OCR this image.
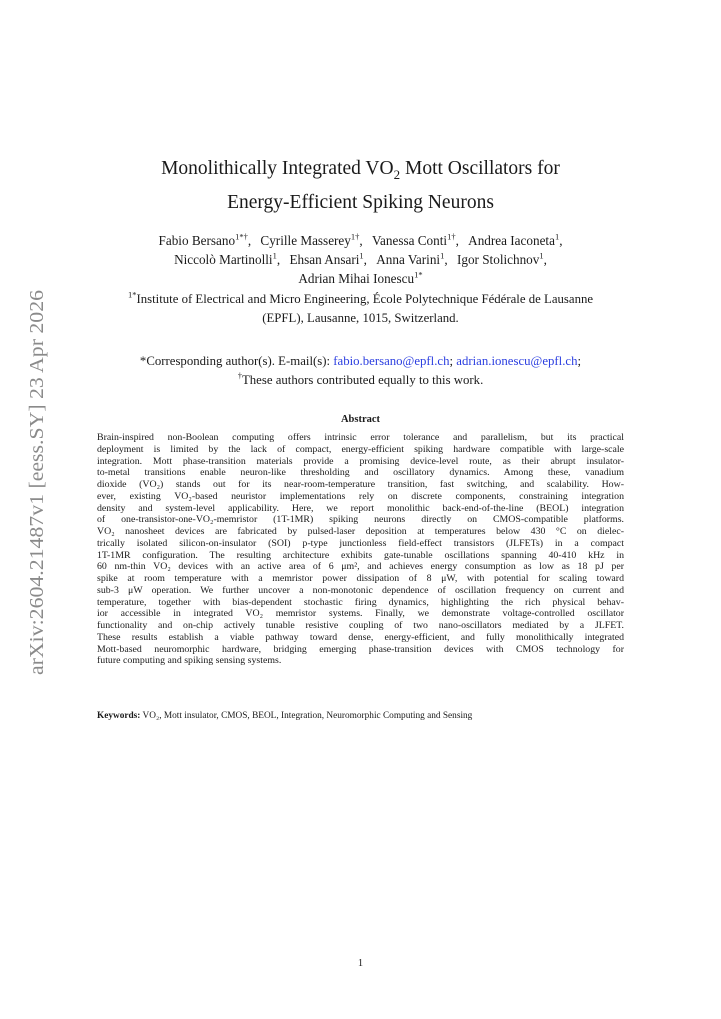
arXiv:2604.21487v1 [eess.SY] 23 Apr 2026
Monolithically Integrated $VO_2$ Mott Oscillators for
Energy-Efficient Spiking Neurons
Fabio Bersano$^{1*\dagger}$, Cyrille Masserey$^{1\dagger}$, Vanessa Conti$^{1\dagger}$, Andrea Iaconeta$^1$,
Niccolò Martinolli$^1$, Ehsan Ansari$^1$, Anna Varini$^1$, Igor Stolichnov$^1$,
Adrian Mihai Ionescu$^{1*}$
$^{1*}$Institute of Electrical and Micro Engineering, École Polytechnique Fédérale de Lausanne
(EPFL), Lausanne, 1015, Switzerland.
*Corresponding author(s). E-mail(s): fabio.bersano@epfl.ch; adrian.ionescu@epfl.ch;
†These authors contributed equally to this work.
Abstract
Brain-inspired non-Boolean computing offers intrinsic error tolerance and parallelism, but its practical
deployment is limited by the lack of compact, energy-efficient spiking hardware compatible with large-scale
integration. Mott phase-transition materials provide a promising device-level route, as their abrupt insulator-
to-metal transitions enable neuron-like thresholding and oscillatory dynamics. Among these, vanadium
dioxide (VO₂) stands out for its near-room-temperature transition, fast switching, and scalability. How-
ever, existing VO₂-based neuristor implementations rely on discrete components, constraining integration
density and system-level applicability. Here, we report monolithic back-end-of-the-line (BEOL) integration
of one-transistor-one-VO₂-memristor (1T-1MR) spiking neurons directly on CMOS-compatible platforms.
VO₂ nanosheet devices are fabricated by pulsed-laser deposition at temperatures below 430 °C on dielec-
trically isolated silicon-on-insulator (SOI) p-type junctionless field-effect transistors (JLFETs) in a compact
1T-1MR configuration. The resulting architecture exhibits gate-tunable oscillations spanning 40-410 kHz in
60 nm-thin VO₂ devices with an active area of 6 μm², and achieves energy consumption as low as 18 pJ per
spike at room temperature with a memristor power dissipation of 8 μW, with potential for scaling toward
sub-3 μW operation. We further uncover a non-monotonic dependence of oscillation frequency on current and
temperature, together with bias-dependent stochastic firing dynamics, highlighting the rich physical behav-
ior accessible in integrated VO₂ memristor systems. Finally, we demonstrate voltage-controlled oscillator
functionality and on-chip actively tunable resistive coupling of two nano-oscillators mediated by a JLFET.
These results establish a viable pathway toward dense, energy-efficient, and fully monolithically integrated
Mott-based neuromorphic hardware, bridging emerging phase-transition devices with CMOS technology for
future computing and spiking sensing systems.
Keywords: VO₂, Mott insulator, CMOS, BEOL, Integration, Neuromorphic Computing and Sensing
1
